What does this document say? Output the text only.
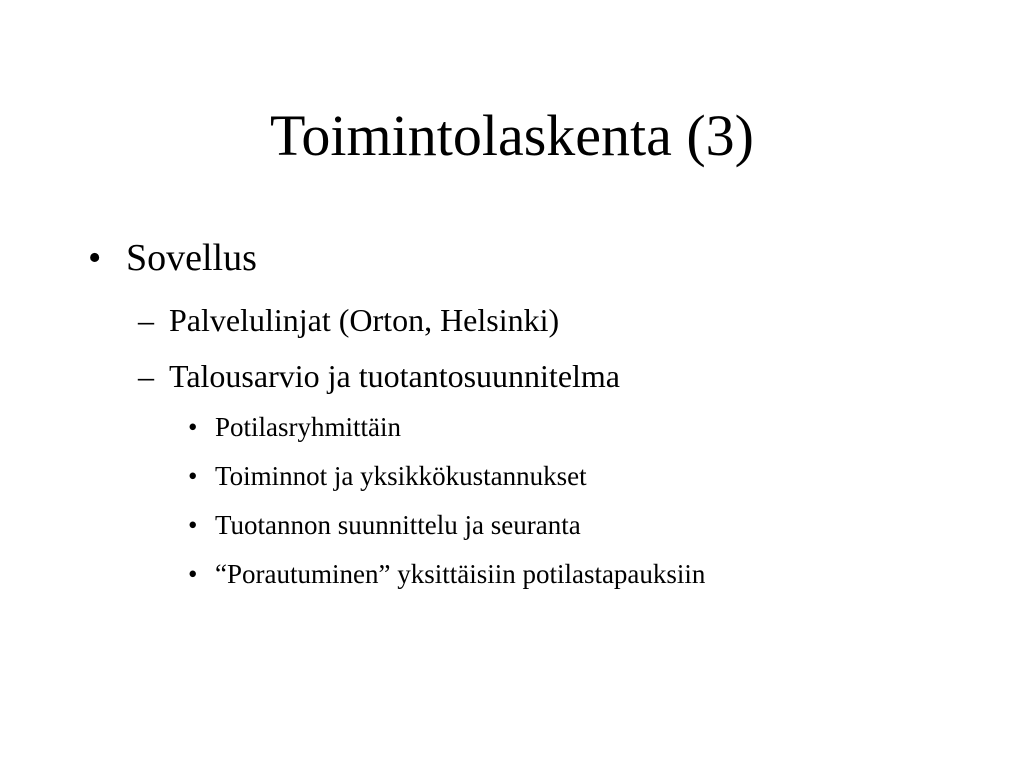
Toimintolaskenta (3)
• Sovellus
– Palvelulinjat (Orton, Helsinki)
– Talousarvio ja tuotantosuunnitelma
• Potilasryhmittäin
• Toiminnot ja yksikkökustannukset
• Tuotannon suunnittelu ja seuranta
• “Porautuminen” yksittäisiin potilastapauksiin
